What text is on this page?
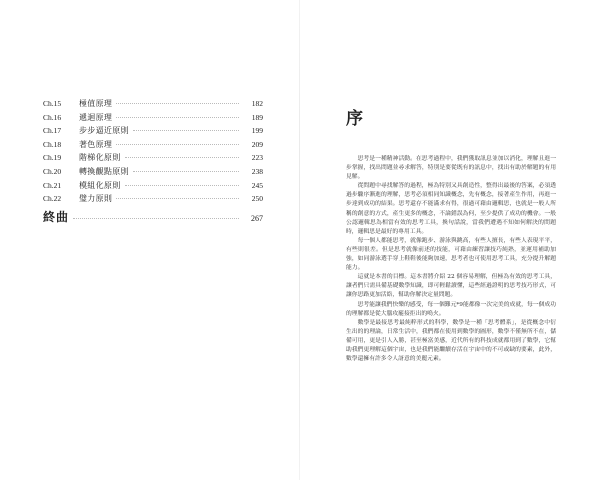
Ch.15	極值原理	182
Ch.16	遞迴原理	189
Ch.17	步步逼近原則	199
Ch.18	著色原理	209
Ch.19	階梯化原則	223
Ch.20	轉換觀點原則	238
Ch.21	模組化原則	245
Ch.22	璧力原則	250
終曲	267
序

思考是一種精神活動。在思考過程中，我們獲取訊息並加以消化，理解且進一步掌握，找出問題並尋求解答，特別是要從既有的訊息中，找出有助於解題的有用見解。

從問題中尋找解答的過程，極為特別又具創造性，整得出最後的答案，必須透過步驟序漸進的理解，思考必須相同知識概念，先有概念，接著產生作用，再進一步達到成功的結果。思考還存不能滿求有得，很過可藉由邏輯思，也就是一般人所稱的創意的方式，產生更多的概念，不論錯誤為何，至少提供了成功的機會。一般公認邏輯思為相當有效的思考工具，換句話說，當我們遭遇不知如何解決的問題時，邏輯思是最好的專用工具。

每一個人都能思考，就像跑步、游泳與跳高，有些人擅長，有些人表現平平，有些則很差。但是思考就像前述的技能，可藉由練習讓技巧純熟，並運用補助加強，如同游泳選手穿上鞋鞋後能夠加速，思考者也可使用思考工具，充分提升解題能力。

這就是本書的目標。這本書將介紹 22 個容易理解，但極為有效的思考工具，讓者們只需具備基礎數學知識，即可輕鬆讀懂，這些經過證明的思考技巧形式，可讓你思路更加活絡，幫助你解決定量問題。

思考能讓我們快樂的感受，每一個難元*9能都像一次完美的成就，每一個成功的理解都是從大腦攻罷接拒出的鳴火。

數學是最接思考最純粹形式的科學，數學是一種「思考體系」，是從概念中衍生出的的理論，日常生活中，我們都在使用到數學的圖形，數學不僅無所不在，儲備可用，更是引人入勝，甚至極富美感，近代所有的科技成就都用到了數學，它幫助我們更理解這個宇宙，也是我們能繼續存活在宇宙中的不可或缺的要素，此外，數學還擁有許多令人訝意的美麗元素。
